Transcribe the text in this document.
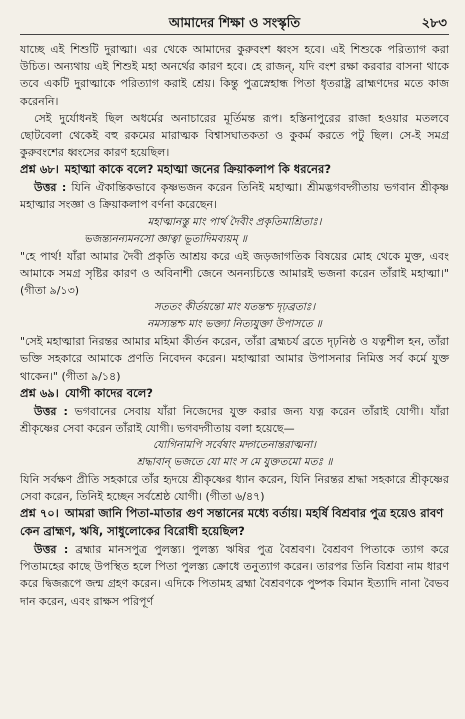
আমাদের শিক্ষা ও সংস্কৃতি	২৮৩

যাচ্ছে এই শিশুটি দুরাত্মা। এর থেকে আমাদের কুরুবংশ ধ্বংস হবে। এই শিশুকে পরিত্যাগ করা উচিত। অন্যথায় এই শিশুই মহা অনর্থের কারণ হবে। হে রাজন্‌, যদি বংশ রক্ষা করবার বাসনা থাকে তবে একটি দুরাত্মাকে পরিত্যাগ করাই শ্রেয়। কিন্তু পুত্রস্নেহান্ধ পিতা ধৃতরাষ্ট্র ব্রাহ্মণদের মতে কাজ করেননি।

সেই দুর্যোধনই ছিল অধর্মের অনাচারের মূর্তিমন্ত রূপ। হস্তিনাপুরের রাজা হওয়ার মতলবে ছোটবেলা থেকেই বহু রকমের মারাত্মক বিশ্বাসঘাতকতা ও কুকর্ম করতে পটু ছিল। সে-ই সমগ্র কুরুবংশের ধ্বংসের কারণ হয়েছিল।

প্রশ্ন ৬৮। মহাত্মা কাকে বলে? মহাত্মা জনের ক্রিয়াকলাপ কি ধরনের?

উত্তর : যিনি ঐকান্তিকভাবে কৃষ্ণভজন করেন তিনিই মহাত্মা। শ্রীমদ্ভগবদ্গীতায় ভগবান শ্রীকৃষ্ণ মহাত্মার সংজ্ঞা ও ক্রিয়াকলাপ বর্ণনা করেছেন।

মহাত্মানস্তু মাং পার্থ দৈবীং প্রকৃতিমাশ্রিতাঃ।
ভজন্ত্যনন্যমনসো জ্ঞাত্বা ভূতাদিমব্যয়ম্‌ ॥

"হে পার্থ! যাঁরা আমার দৈবী প্রকৃতি আশ্রয় করে এই জড়জাগতিক বিষয়ের মোহ থেকে মুক্ত, এবং আমাকে সমগ্র সৃষ্টির কারণ ও অবিনাশী জেনে অনন্যচিত্তে আমারই ভজনা করেন তাঁরাই মহাত্মা।" (গীতা ৯/১৩)

সততং কীর্তয়ন্তো মাং যতন্তশ্চ দৃঢ়ব্রতাঃ।
নমস্যন্তশ্চ মাং ভক্ত্যা নিত্যযুক্তা উপাসতে ॥

"সেই মহাত্মারা নিরন্তর আমার মহিমা কীর্তন করেন, তাঁরা ব্রহ্মচর্য ব্রতে দৃঢ়নিষ্ঠ ও যত্নশীল হন, তাঁরা ভক্তি সহকারে আমাকে প্রণতি নিবেদন করেন। মহাত্মারা আমার উপাসনার নিমিত্ত সর্ব কর্মে যুক্ত থাকেন।" (গীতা ৯/১৪)

প্রশ্ন ৬৯। যোগী কাদের বলে?

উত্তর : ভগবানের সেবায় যাঁরা নিজেদের যুক্ত করার জন্য যত্ন করেন তাঁরাই যোগী। যাঁরা শ্রীকৃষ্ণের সেবা করেন তাঁরাই যোগী। ভগবদ্গীতায় বলা হয়েছে—

যোগিনামপি সর্বেষাং মদ্গতেনান্তরাত্মনা।
শ্রদ্ধাবান্‌ ভজতে যো মাং স মে যুক্ততমো মতঃ ॥

যিনি সর্বক্ষণ প্রীতি সহকারে তাঁর হৃদয়ে শ্রীকৃষ্ণের ধ্যান করেন, যিনি নিরন্তর শ্রদ্ধা সহকারে শ্রীকৃষ্ণের সেবা করেন, তিনিই হচ্ছেন সর্বশ্রেষ্ঠ যোগী। (গীতা ৬/৪৭)

প্রশ্ন ৭০। আমরা জানি পিতা-মাতার গুণ সন্তানের মধ্যে বর্তায়। মহর্ষি বিশ্রবার পুত্র হয়েও রাবণ কেন ব্রাহ্মণ, ঋষি, সাধুলোকের বিরোধী হয়েছিল?

উত্তর : ব্রহ্মার মানসপুত্র পুলস্ত্য। পুলস্ত্য ঋষির পুত্র বৈশ্রবণ। বৈশ্রবণ পিতাকে ত্যাগ করে পিতামহের কাছে উপস্থিত হলে পিতা পুলস্ত্য ক্রোধে তনুত্যাগ করেন। তারপর তিনি বিশ্রবা নাম ধারণ করে দ্বিজরূপে জন্ম গ্রহণ করেন। এদিকে পিতামহ ব্রহ্মা বৈশ্রবণকে পুষ্পক বিমান ইত্যাদি নানা বৈভব দান করেন, এবং রাক্ষস পরিপূর্ণ
